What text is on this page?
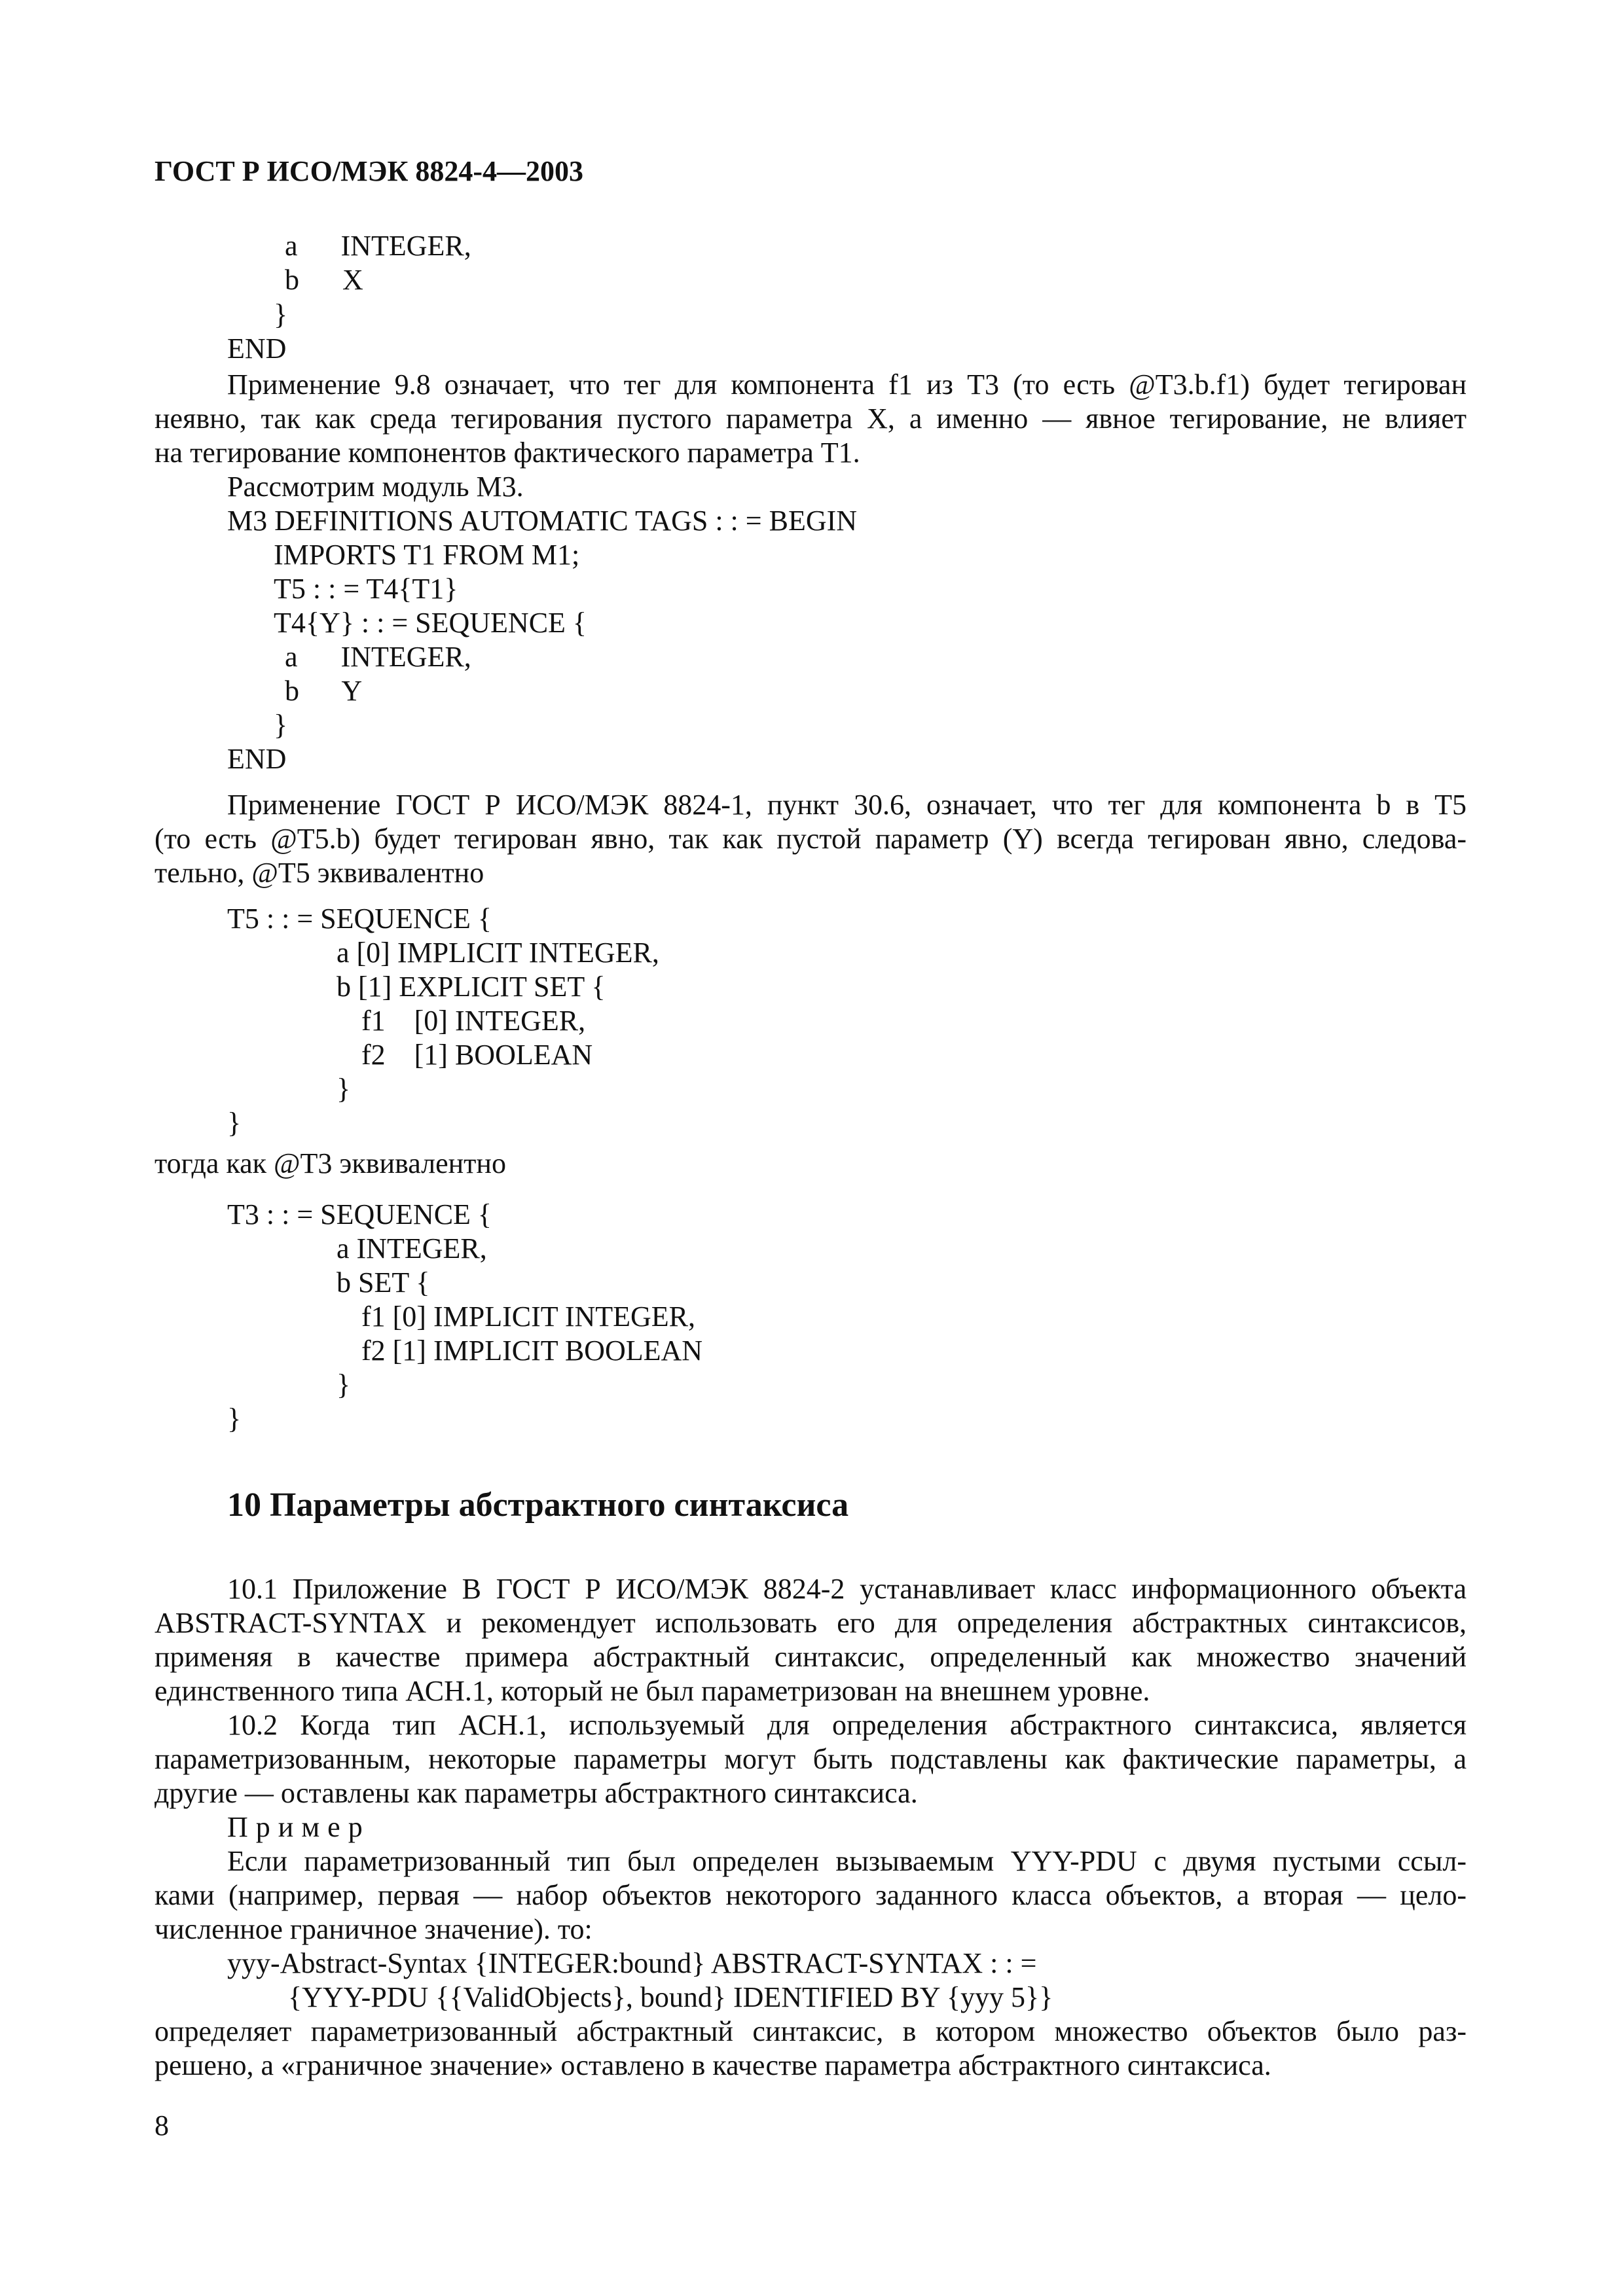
ГОСТ Р ИСО/МЭК 8824-4—2003
a      INTEGER,
b      X
}
END
Применение 9.8 означает, что тег для компонента f1 из Т3 (то есть @T3.b.f1) будет тегирован
неявно, так как среда тегирования пустого параметра X, а именно — явное тегирование, не влияет
на тегирование компонентов фактического параметра T1.
Рассмотрим модуль М3.
M3 DEFINITIONS AUTOMATIC TAGS : : = BEGIN
IMPORTS T1 FROM M1;
T5 : : = T4{T1}
T4{Y} : : = SEQUENCE {
a      INTEGER,
b      Y
}
END
Применение ГОСТ Р ИСО/МЭК 8824-1, пункт 30.6, означает, что тег для компонента b в T5
(то есть @T5.b) будет тегирован явно, так как пустой параметр (Y) всегда тегирован явно, следова-
тельно, @T5 эквивалентно
T5 : : = SEQUENCE {
a [0] IMPLICIT INTEGER,
b [1] EXPLICIT SET {
f1    [0] INTEGER,
f2    [1] BOOLEAN
}
}
тогда как @T3 эквивалентно
T3 : : = SEQUENCE {
a INTEGER,
b SET {
f1 [0] IMPLICIT INTEGER,
f2 [1] IMPLICIT BOOLEAN
}
}
10 Параметры абстрактного синтаксиса
10.1 Приложение В ГОСТ Р ИСО/МЭК 8824-2 устанавливает класс информационного объекта
ABSTRACT-SYNTAX и рекомендует использовать его для определения абстрактных синтаксисов,
применяя в качестве примера абстрактный синтаксис, определенный как множество значений
единственного типа АСН.1, который не был параметризован на внешнем уровне.
10.2 Когда тип АСН.1, используемый для определения абстрактного синтаксиса, является
параметризованным, некоторые параметры могут быть подставлены как фактические параметры, а
другие — оставлены как параметры абстрактного синтаксиса.
Пример
Если параметризованный тип был определен вызываемым YYY-PDU с двумя пустыми ссыл-
ками (например, первая — набор объектов некоторого заданного класса объектов, а вторая — цело-
численное граничное значение). то:
yyy-Abstract-Syntax {INTEGER:bound} ABSTRACT-SYNTAX : : =
{YYY-PDU {{ValidObjects}, bound} IDENTIFIED BY {yyy 5}}
определяет параметризованный абстрактный синтаксис, в котором множество объектов было раз-
решено, а «граничное значение» оставлено в качестве параметра абстрактного синтаксиса.
8
